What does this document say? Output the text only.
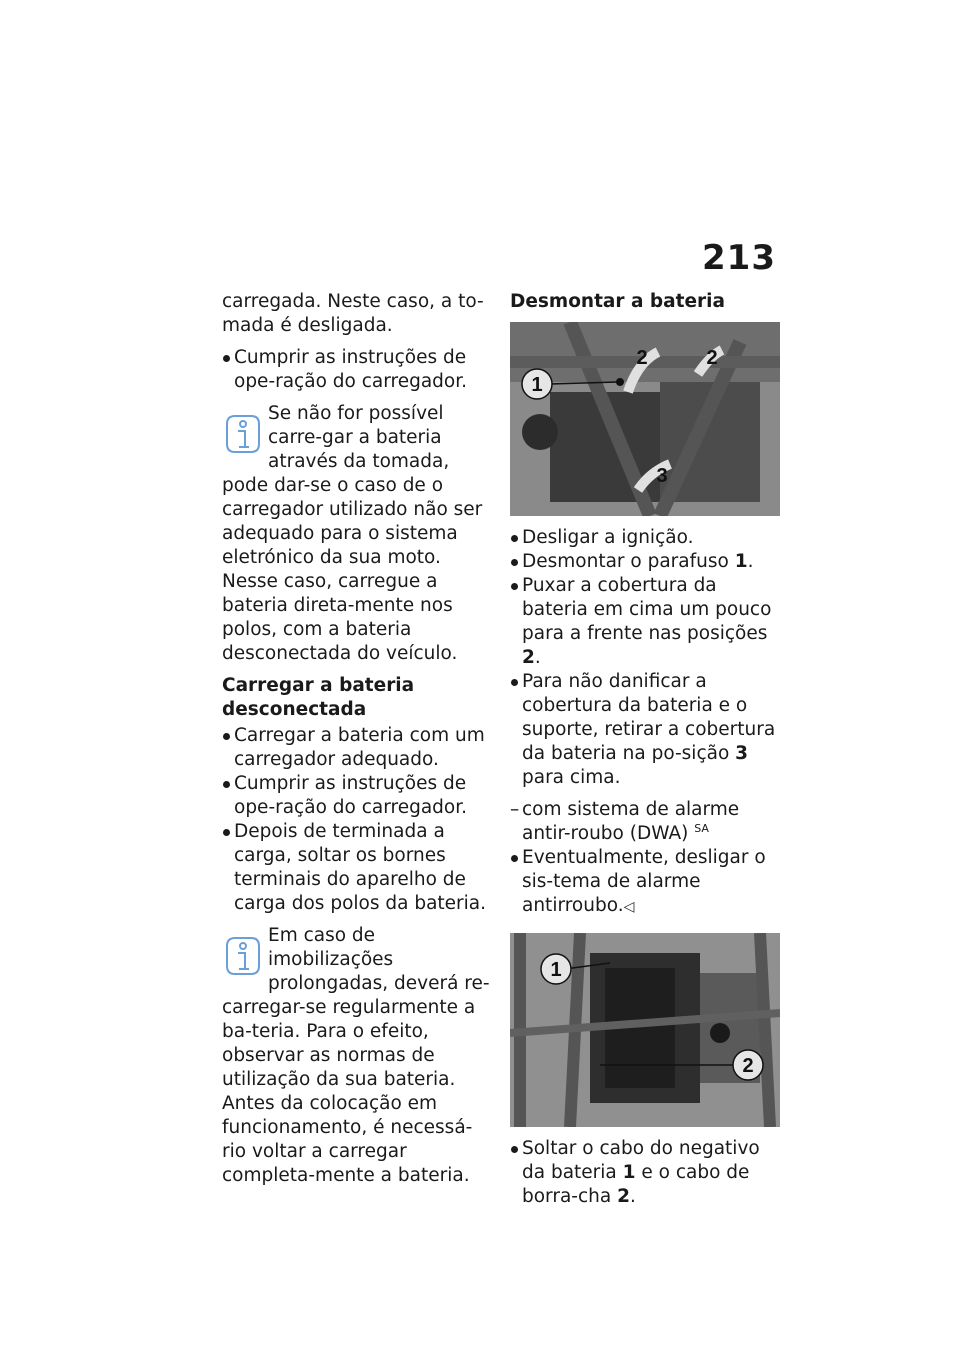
213

carregada. Neste caso, a to-mada é desligada.

Cumprir as instruções de ope-ração do carregador.

Se não for possível carre-gar a bateria através da tomada, pode dar-se o caso de o carregador utilizado não ser adequado para o sistema eletrónico da sua moto. Nesse caso, carregue a bateria direta-mente nos polos, com a bateria desconectada do veículo.

Carregar a bateria desconectada

Carregar a bateria com um carregador adequado.

Cumprir as instruções de ope-ração do carregador.

Depois de terminada a carga, soltar os bornes terminais do aparelho de carga dos polos da bateria.

Em caso de imobilizações prolongadas, deverá re-carregar-se regularmente a ba-teria. Para o efeito, observar as normas de utilização da sua bateria. Antes da colocação em funcionamento, é necessá-rio voltar a carregar completa-mente a bateria.

Desmontar a bateria

1
2	2
3

Desligar a ignição.

Desmontar o parafuso 1.

Puxar a cobertura da bateria em cima um pouco para a frente nas posições 2.

Para não danificar a cobertura da bateria e o suporte, retirar a cobertura da bateria na po-sição 3 para cima.

– com sistema de alarme antir-roubo (DWA) $^{SA}$

Eventualmente, desligar o sis-tema de alarme antirroubo.◁

1
2

Soltar o cabo do negativo da bateria 1 e o cabo de borra-cha 2.
